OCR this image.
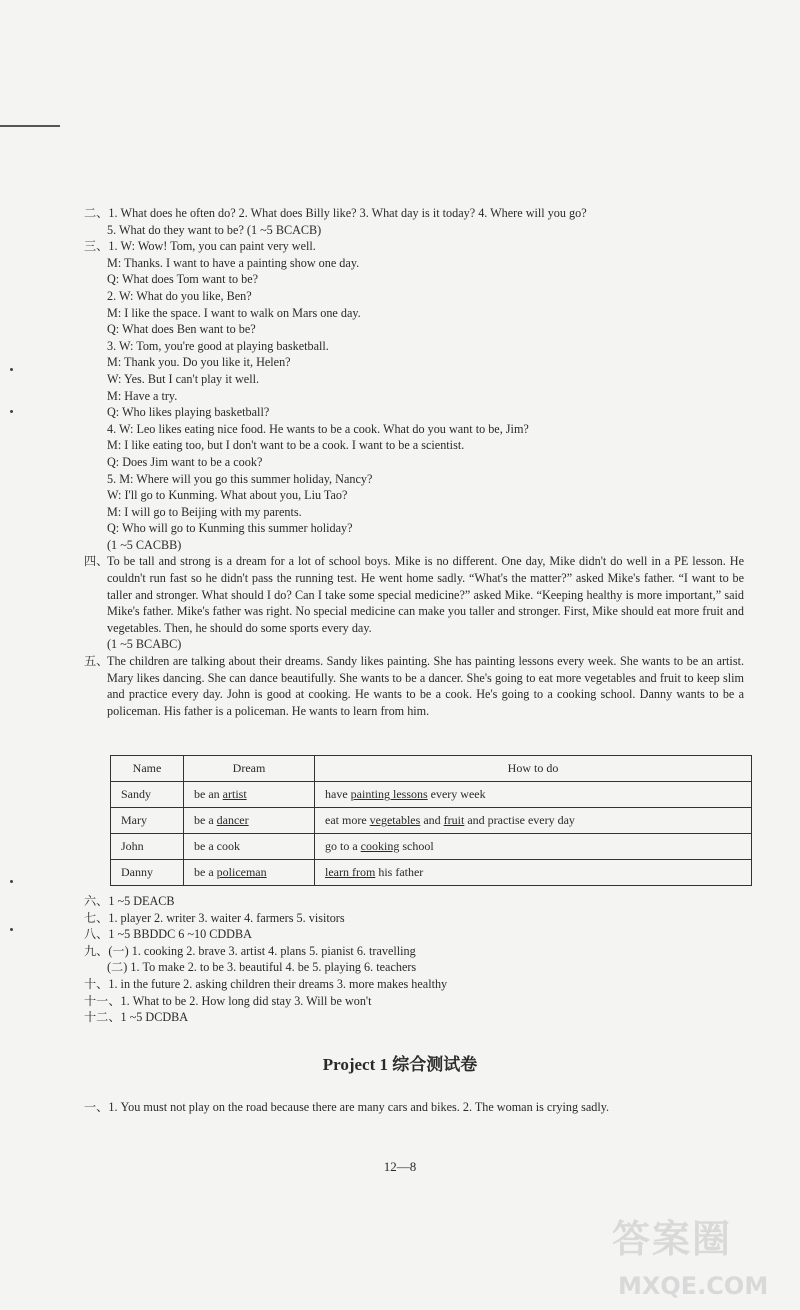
二、1. What does he often do? 2. What does Billy like? 3. What day is it today? 4. Where will you go?
5. What do they want to be? (1 ~5 BCACB)
三、1. W: Wow! Tom, you can paint very well.
M: Thanks. I want to have a painting show one day.
Q: What does Tom want to be?
2. W: What do you like, Ben?
M: I like the space. I want to walk on Mars one day.
Q: What does Ben want to be?
3. W: Tom, you're good at playing basketball.
M: Thank you. Do you like it, Helen?
W: Yes. But I can't play it well.
M: Have a try.
Q: Who likes playing basketball?
4. W: Leo likes eating nice food. He wants to be a cook. What do you want to be, Jim?
M: I like eating too, but I don't want to be a cook. I want to be a scientist.
Q: Does Jim want to be a cook?
5. M: Where will you go this summer holiday, Nancy?
W: I'll go to Kunming. What about you, Liu Tao?
M: I will go to Beijing with my parents.
Q: Who will go to Kunming this summer holiday?
(1 ~5 CACBB)
四、
To be tall and strong is a dream for a lot of school boys. Mike is no different. One day, Mike didn't do well in a PE lesson. He couldn't run fast so he didn't pass the running test. He went home sadly. “What's the matter?” asked Mike's father. “I want to be taller and stronger. What should I do? Can I take some special medicine?” asked Mike. “Keeping healthy is more important,” said Mike's father. Mike's father was right. No special medicine can make you taller and stronger. First, Mike should eat more fruit and vegetables. Then, he should do some sports every day.
(1 ~5 BCABC)
五、
The children are talking about their dreams. Sandy likes painting. She has painting lessons every week. She wants to be an artist. Mary likes dancing. She can dance beautifully. She wants to be a dancer. She's going to eat more vegetables and fruit to keep slim and practice every day. John is good at cooking. He wants to be a cook. He's going to a cooking school. Danny wants to be a policeman. His father is a policeman. He wants to learn from him.
Name	Dream	How to do
Sandy	be an artist	have painting lessons every week
Mary	be a dancer	eat more vegetables and fruit and practise every day
John	be a cook	go to a cooking school
Danny	be a policeman	learn from his father
六、1 ~5 DEACB
七、1. player 2. writer 3. waiter 4. farmers 5. visitors
八、1 ~5 BBDDC 6 ~10 CDDBA
九、(一) 1. cooking 2. brave 3. artist 4. plans 5. pianist 6. travelling
(二) 1. To make 2. to be 3. beautiful 4. be 5. playing 6. teachers
十、1. in the future 2. asking children their dreams 3. more makes healthy
十一、1. What to be 2. How long did stay 3. Will be won't
十二、1 ~5 DCDBA
Project 1 综合测试卷
一、1. You must not play on the road because there are many cars and bikes. 2. The woman is crying sadly.
12—8
答案圈
MXQE.COM
